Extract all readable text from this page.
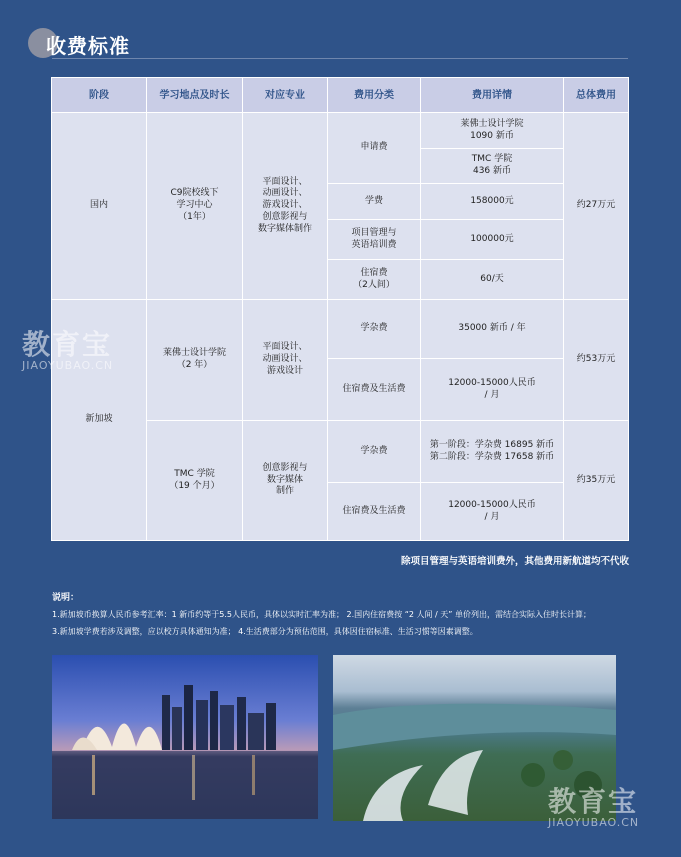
收费标准
阶段	学习地点及时长	对应专业	费用分类	费用详情	总体费用
国内	C9院校线下
学习中心
（1年）	平面设计、
动画设计、
游戏设计、
创意影视与
数字媒体制作	申请费	莱佛士设计学院
1090 新币	约27万元
				TMC 学院
436 新币	
			学费	158000元	
			项目管理与
英语培训费	100000元	
			住宿费
（2人间）	60/天	

新加坡	莱佛士设计学院
（2 年）	平面设计、
动画设计、
游戏设计	学杂费	35000 新币 / 年	约53万元
			住宿费及生活费	12000-15000人民币
/ 月	
	TMC 学院
（19 个月）	创意影视与
数字媒体
制作	学杂费	第一阶段：学杂费 16895 新币
第二阶段：学杂费 17658 新币	约35万元
			住宿费及生活费	12000-15000人民币
/ 月	
除项目管理与英语培训费外，其他费用新航道均不代收
说明：
1.新加坡币换算人民币参考汇率：1 新币约等于5.5人民币，具体以实时汇率为准； 2.国内住宿费按 “2 人间 / 天” 单价列出，需结合实际入住时长计算；
3.新加坡学费若涉及调整，应以校方具体通知为准； 4.生活费部分为预估范围，具体因住宿标准、生活习惯等因素调整。
教育宝
JIAOYUBAO.CN
教育宝
JIAOYUBAO.CN
